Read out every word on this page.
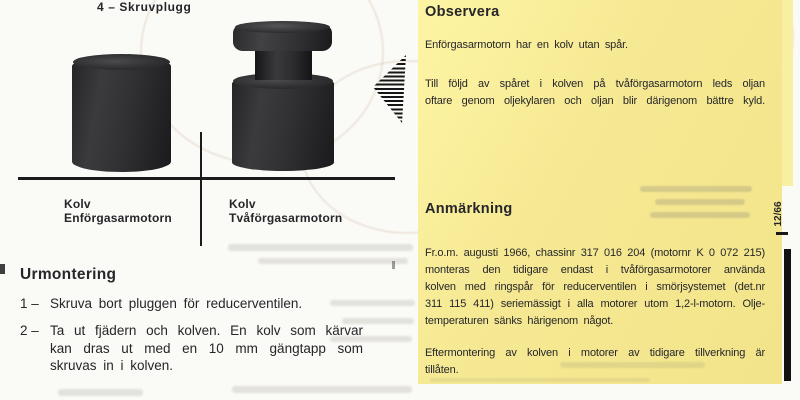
4 – Skruvplugg
Kolv
Enförgasarmotorn
Kolv
Tvåförgasarmotorn
Urmontering
1 – Skruva bort pluggen för reducerventilen.
2 – Ta ut fjädern och kolven. En kolv som kärvar
kan dras ut med en 10 mm gängtapp som
skruvas in i kolven.
Observera
Enförgasarmotorn har en kolv utan spår.
Till följd av spåret i kolven på tvåförgasarmotorn leds oljan
oftare genom oljekylaren och oljan blir därigenom bättre kyld.
Anmärkning
Fr.o.m. augusti 1966, chassinr 317 016 204 (motornr K 0 072 215)
monteras den tidigare endast i tvåförgasarmotorer använda
kolven med ringspår för reducerventilen i smörjsystemet (det.nr
311 115 411) seriemässigt i alla motorer utom 1,2-l-motorn. Olje-
temperaturen sänks härigenom något.
Eftermontering av kolven i motorer av tidigare tillverkning är
tillåten.
12/66
